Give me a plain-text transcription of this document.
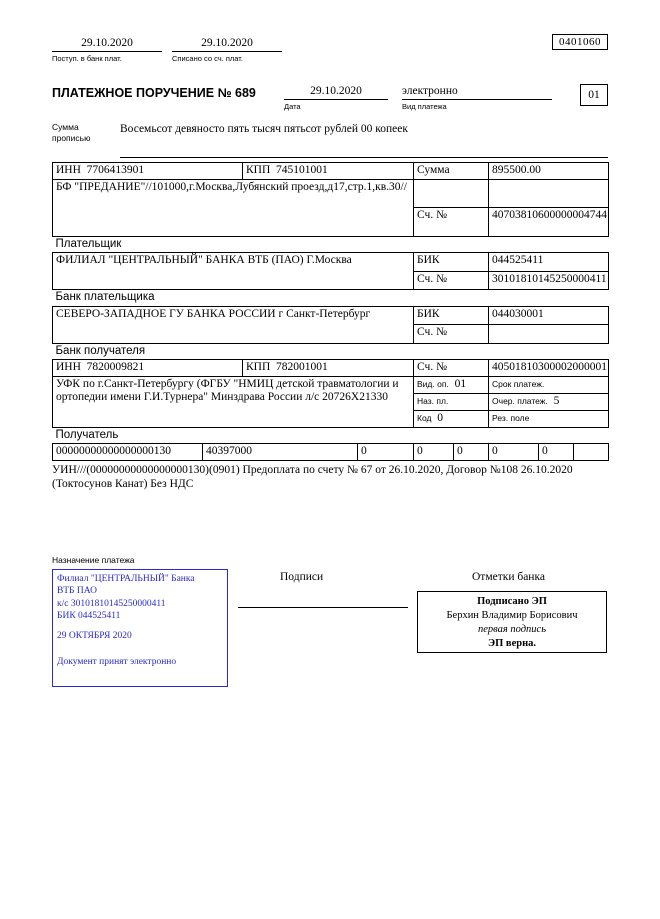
29.10.2020
Поступ. в банк плат.
29.10.2020
Списано со сч. плат.
0401060
ПЛАТЕЖНОЕ ПОРУЧЕНИЕ № 689	29.10.2020
Дата
электронно
Вид платежа
01
Сумма
прописью
Восемьсот девяносто пять тысяч пятьсот рублей 00 копеек
ИНН 7706413901		КПП 745101001		Сумма		895500.00		
БФ "ПРЕДАНИЕ"//101000,г.Москва,Лубянский проезд,д17,стр.1,кв.30//								
				Сч. №		40703810600000004744		
Плательщик								
ФИЛИАЛ "ЦЕНТРАЛЬНЫЙ" БАНКА ВТБ (ПАО) Г.Москва				БИК		044525411		
				Сч. №		30101810145250000411		
Банк плательщика								
СЕВЕРО-ЗАПАДНОЕ ГУ БАНКА РОССИИ г Санкт-Петербург				БИК		044030001		
				Сч. №				
Банк получателя								
ИНН 7820009821		КПП 782001001		Сч. №		40501810300002000001		
УФК по г.Санкт-Петербургу (ФГБУ "НМИЦ детской травматологии и ортопедии имени Г.И.Турнера" Минздрава России л/с 20726Х21330				Вид. оп. 01		Срок платеж.		
				Наз. пл.		Очер. платеж. 5		
				Код 0		Рез. поле		
Получатель								
00000000000000000130	40397000		0	0	0	0	0	
УИН///(00000000000000000130)(0901) Предоплата по счету № 67 от 26.10.2020, Договор №108 26.10.2020 (Токтосунов Канат) Без НДС
Назначение платежа
Филиал "ЦЕНТРАЛЬНЫЙ" Банка
ВТБ ПАО
к/с 30101810145250000411
БИК 044525411
29 ОКТЯБРЯ 2020
Документ принят электронно
Подписи	Отметки банка
Подписано ЭП
Берхин Владимир Борисович
первая подпись
ЭП верна.
